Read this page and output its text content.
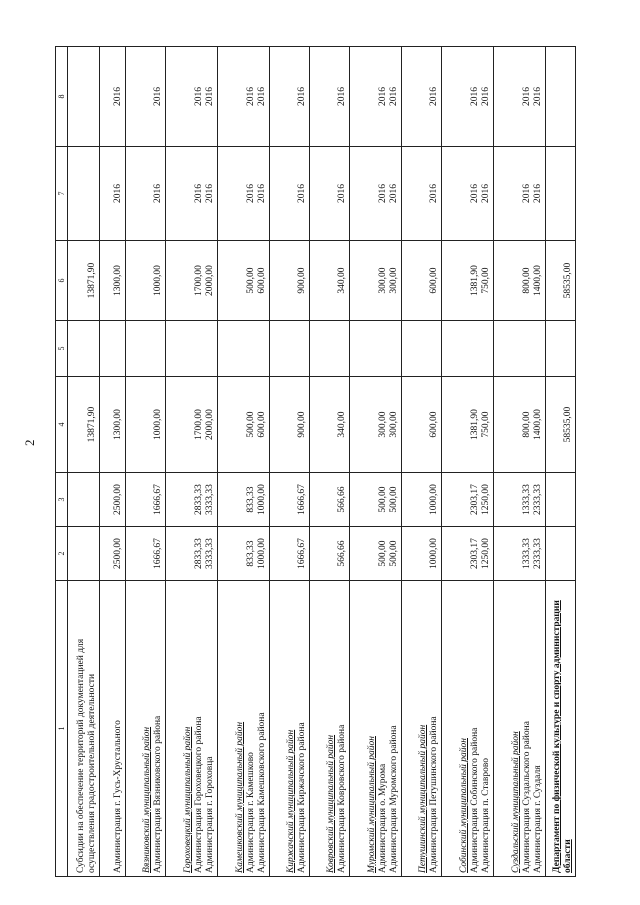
2
1	2	3	4	5	6	7	8

Субсидии на обеспечение территорий документацией для осуществления градостроительной деятельности			13871,90		13871,90		

Администрация г. Гусь-Хрустального	2500,00	2500,00	1300,00		1300,00	2016	2016

Вязниковский муниципальный район Администрация Вязниковского района	1666,67	1666,67	1000,00		1000,00	2016	2016

Гороховецкий муниципальный район Администрация Гороховецкого района Администрация г. Гороховца	2833,33 3333,33	2833,33 3333,33	1700,00 2000,00		1700,00 2000,00	2016 2016	2016 2016

Камешковский муниципальный район Администрация г. Камешково Администрация Камешковского района	833,33 1000,00	833,33 1000,00	500,00 600,00		500,00 600,00	2016 2016	2016 2016

Киржачский муниципальный район Администрация Киржачского района	1666,67	1666,67	900,00		900,00	2016	2016

Ковровский муниципальный район Администрация Ковровского района	566,66	566,66	340,00		340,00	2016	2016

Муромский муниципальный район Администрация о. Мурома Администрация Муромского района	500,00 500,00	500,00 500,00	300,00 300,00		300,00 300,00	2016 2016	2016 2016

Петушинский муниципальный район Администрация Петушинского района	1000,00	1000,00	600,00		600,00	2016	2016

Собинский муниципальный район Администрация Собинского района Администрация п. Ставрово	2303,17 1250,00	2303,17 1250,00	1381,90 750,00		1381,90 750,00	2016 2016	2016 2016

Суздальский муниципальный район Администрация Суздальского района Администрация г. Суздаля	1333,33 2333,33	1333,33 2333,33	800,00 1400,00		800,00 1400,00	2016 2016	2016 2016

Департамент по физической культуре и спорту администрации области			58535,00		58535,00		
